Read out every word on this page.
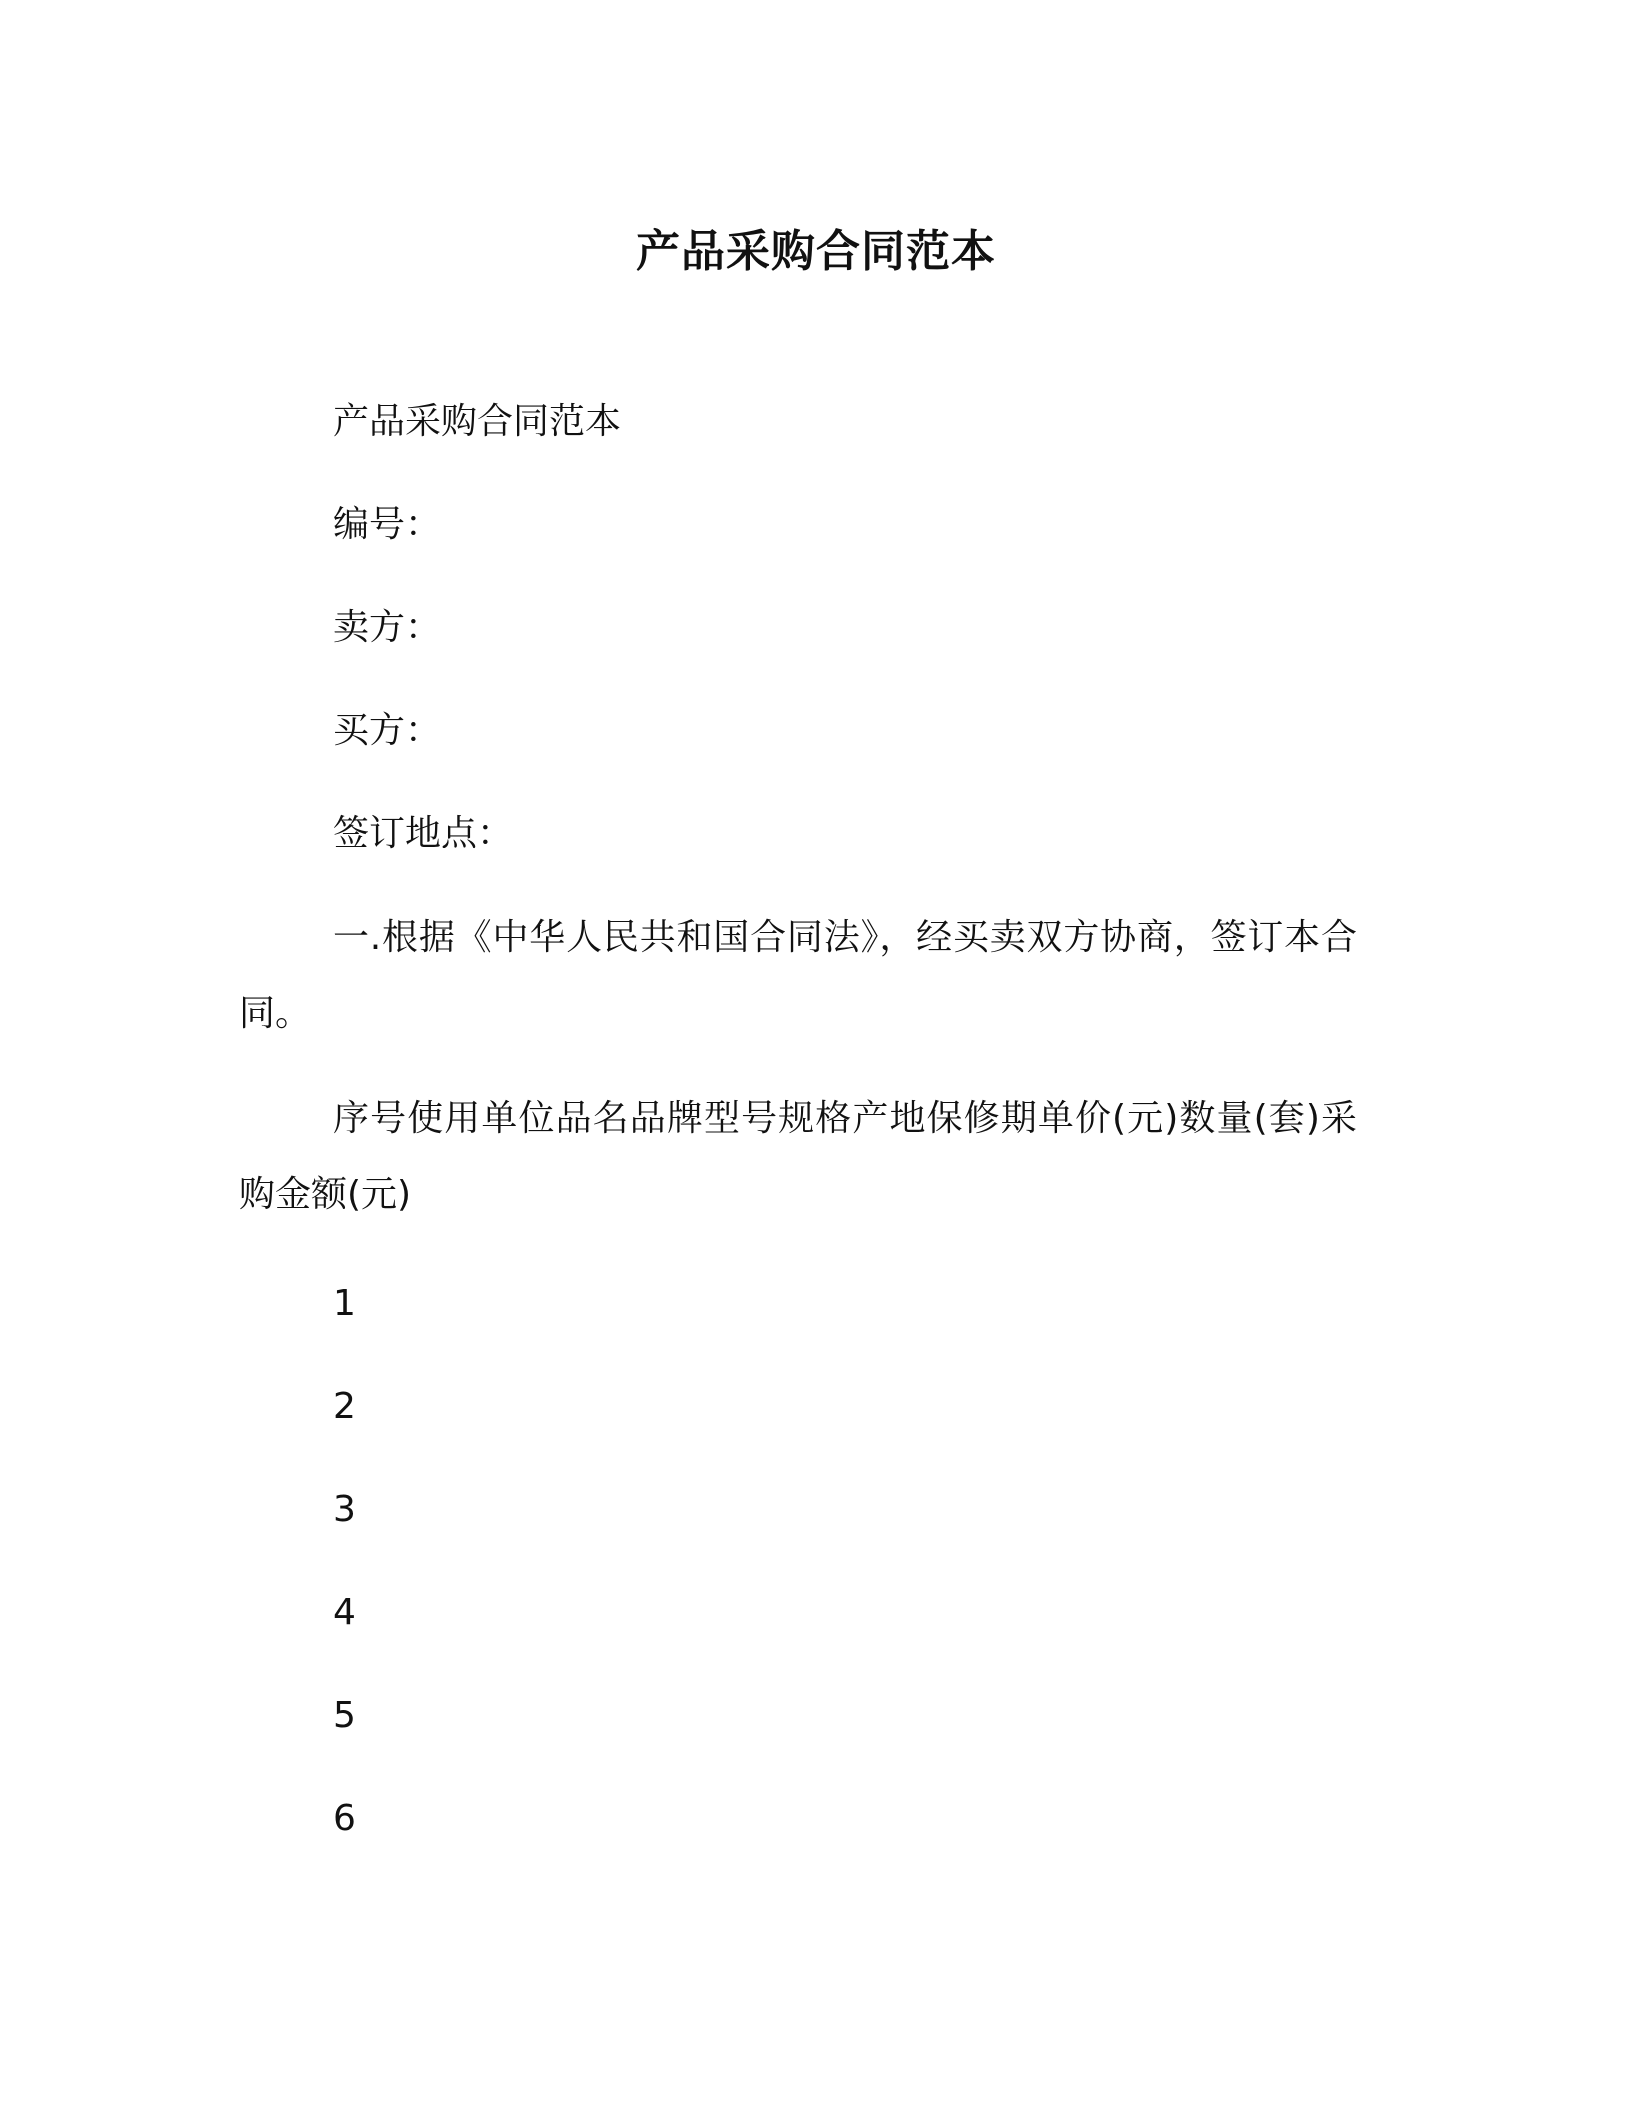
产品采购合同范本
产品采购合同范本
编号：
卖方：
买方：
签订地点：
一.根据《中华人民共和国合同法》，经买卖双方协商，签订本合同。
序号使用单位品名品牌型号规格产地保修期单价(元)数量(套)采购金额(元)
1
2
3
4
5
6
